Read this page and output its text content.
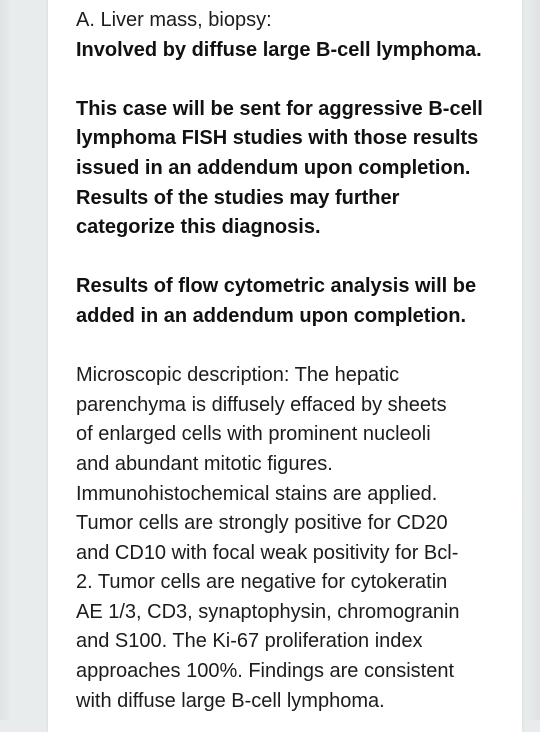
A. Liver mass, biopsy:
Involved by diffuse large B-cell lymphoma.
This case will be sent for aggressive B-cell
lymphoma FISH studies with those results
issued in an addendum upon completion.
Results of the studies may further
categorize this diagnosis.
Results of flow cytometric analysis will be
added in an addendum upon completion.
Microscopic description: The hepatic
parenchyma is diffusely effaced by sheets
of enlarged cells with prominent nucleoli
and abundant mitotic figures.
Immunohistochemical stains are applied.
Tumor cells are strongly positive for CD20
and CD10 with focal weak positivity for Bcl-
2. Tumor cells are negative for cytokeratin
AE 1/3, CD3, synaptophysin, chromogranin
and S100. The Ki-67 proliferation index
approaches 100%. Findings are consistent
with diffuse large B-cell lymphoma.
